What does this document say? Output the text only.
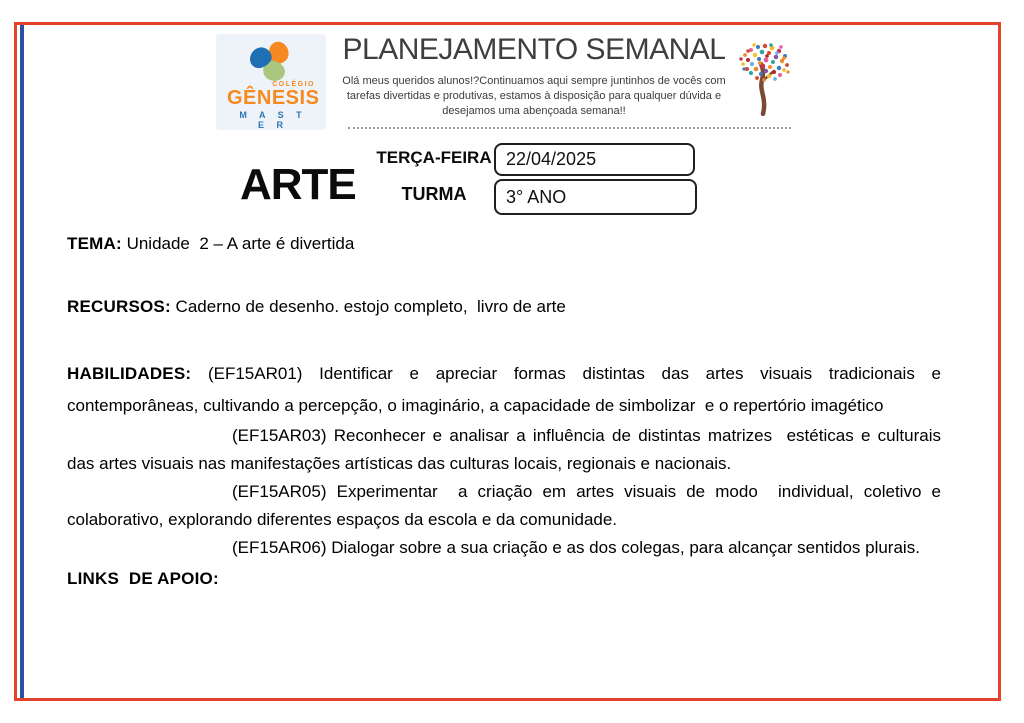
COLÉGIO
GÊNESIS
M A S T E R
PLANEJAMENTO SEMANAL
Olá meus queridos alunos!?Continuamos aqui sempre juntinhos de vocês com tarefas divertidas e produtivas, estamos à disposição para qualquer dúvida e desejamos uma abençoada semana!!
ARTE
TERÇA-FEIRA 22/04/2025
TURMA	3° ANO

TEMA: Unidade  2 – A arte é divertida

RECURSOS: Caderno de desenho. estojo completo,  livro de arte

HABILIDADES: (EF15AR01) Identificar e apreciar formas distintas das artes visuais tradicionais e contemporâneas, cultivando a percepção, o imaginário, a capacidade de simbolizar  e o repertório imagético

(EF15AR03) Reconhecer e analisar a influência de distintas matrizes  estéticas e culturais das artes visuais nas manifestações artísticas das culturas locais, regionais e nacionais.

(EF15AR05) Experimentar  a criação em artes visuais de modo  individual, coletivo e colaborativo, explorando diferentes espaços da escola e da comunidade.

(EF15AR06) Dialogar sobre a sua criação e as dos colegas, para alcançar sentidos plurais.

LINKS  DE APOIO:
